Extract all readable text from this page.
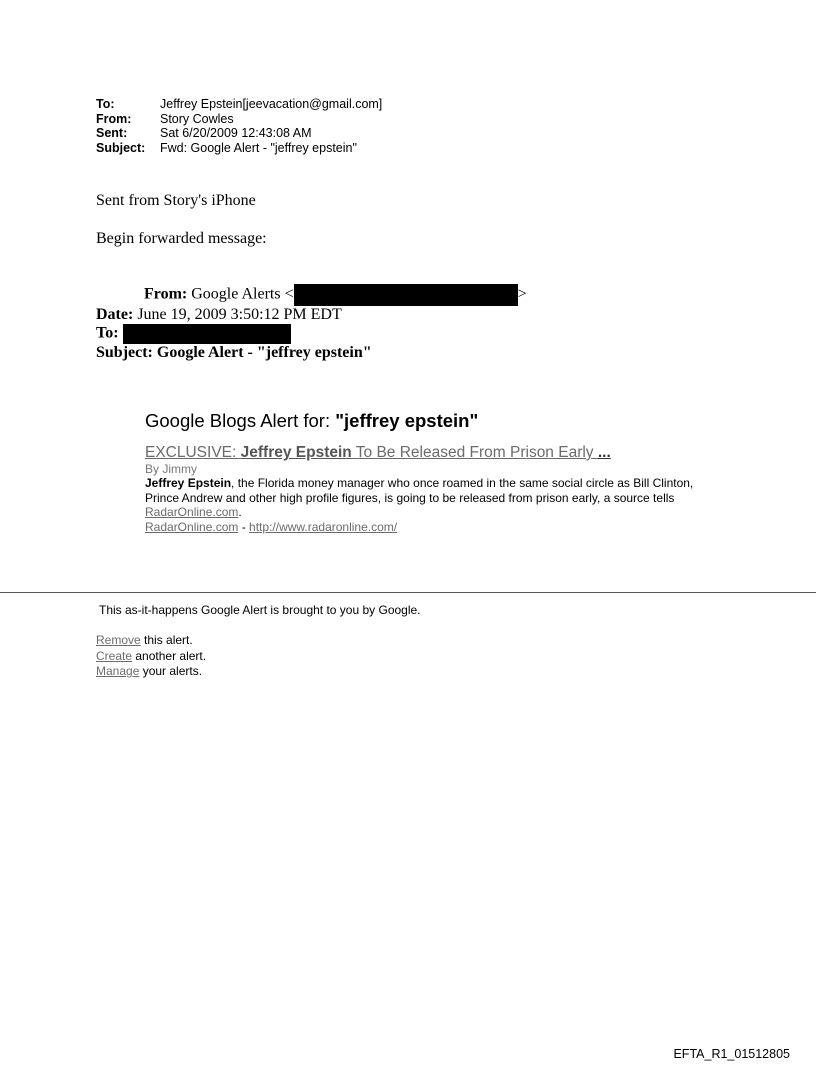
To:	Jeffrey Epstein[jeevacation@gmail.com]
From:	Story Cowles
Sent:	Sat 6/20/2009 12:43:08 AM
Subject:	Fwd: Google Alert - "jeffrey epstein"
Sent from Story's iPhone
Begin forwarded message:
From: Google Alerts <	>
Date: June 19, 2009 3:50:12 PM EDT
To:
Subject: Google Alert - "jeffrey epstein"
Google Blogs Alert for: "jeffrey epstein"
EXCLUSIVE: Jeffrey Epstein To Be Released From Prison Early ...
By Jimmy
Jeffrey Epstein, the Florida money manager who once roamed in the same social circle as Bill Clinton, Prince Andrew and other high profile figures, is going to be released from prison early, a source tells RadarOnline.com.
RadarOnline.com - http://www.radaronline.com/
This as-it-happens Google Alert is brought to you by Google.
Remove this alert.
Create another alert.
Manage your alerts.
EFTA_R1_01512805
